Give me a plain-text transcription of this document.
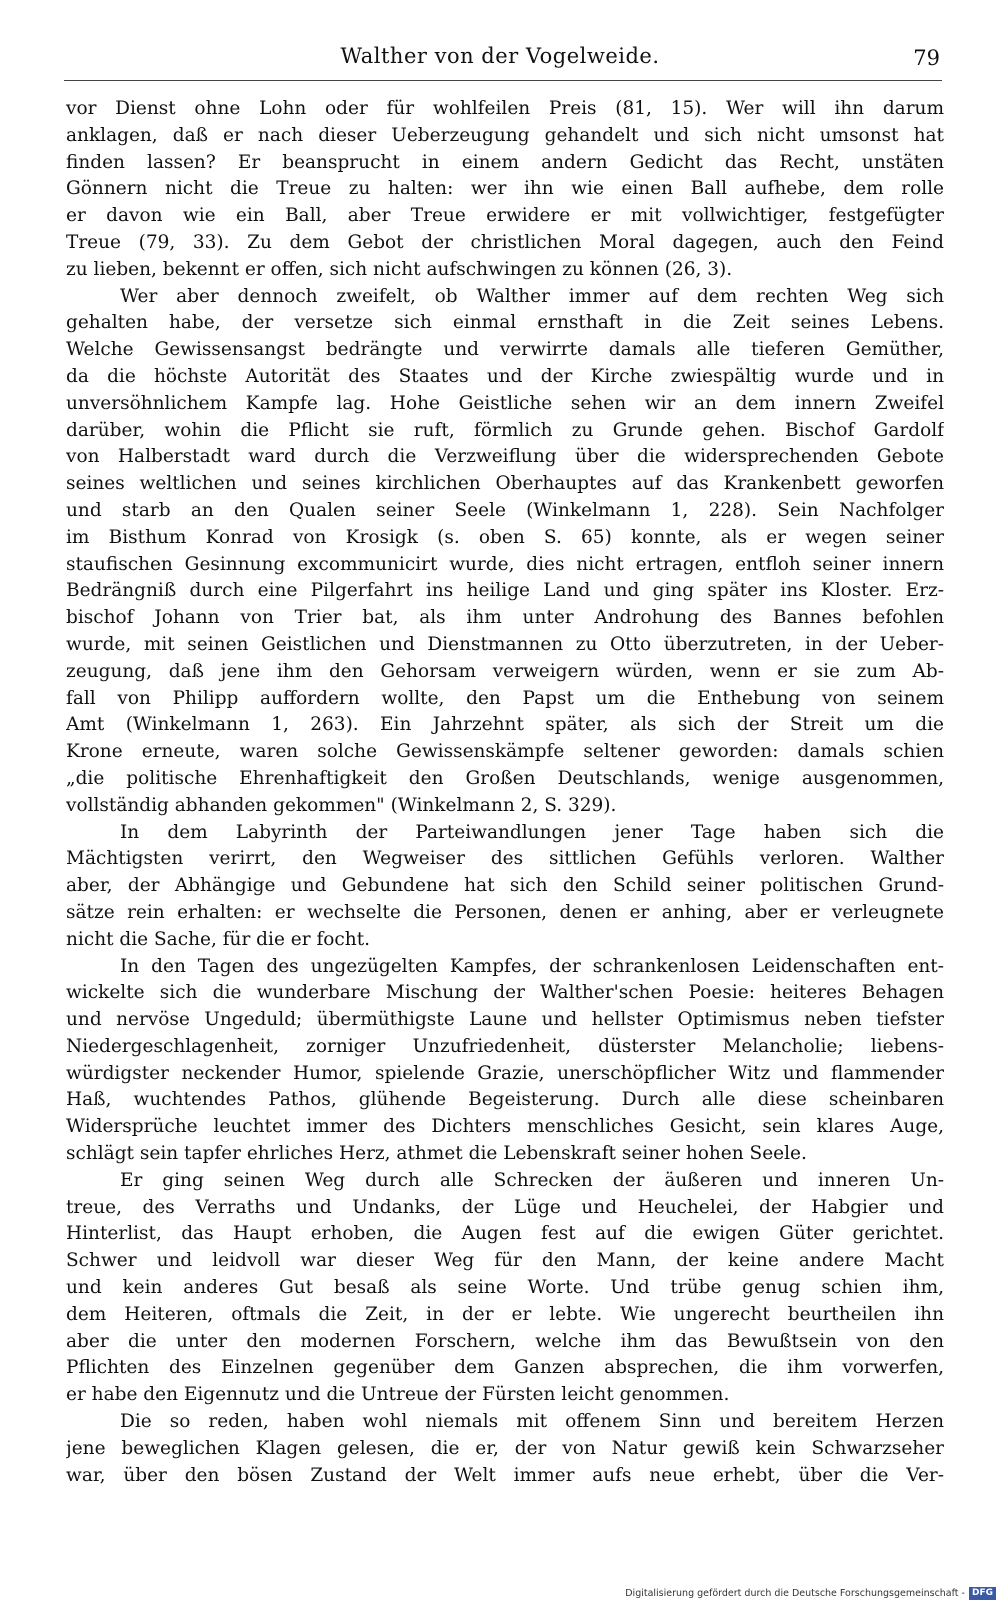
Walther von der Vogelweide.	79
vor Dienst ohne Lohn oder für wohlfeilen Preis (81, 15). Wer will ihn darum
anklagen, daß er nach dieser Ueberzeugung gehandelt und sich nicht umsonst hat
finden lassen? Er beansprucht in einem andern Gedicht das Recht, unstäten
Gönnern nicht die Treue zu halten: wer ihn wie einen Ball aufhebe, dem rolle
er davon wie ein Ball, aber Treue erwidere er mit vollwichtiger, festgefügter
Treue (79, 33). Zu dem Gebot der christlichen Moral dagegen, auch den Feind
zu lieben, bekennt er offen, sich nicht aufschwingen zu können (26, 3).
Wer aber dennoch zweifelt, ob Walther immer auf dem rechten Weg sich
gehalten habe, der versetze sich einmal ernsthaft in die Zeit seines Lebens.
Welche Gewissensangst bedrängte und verwirrte damals alle tieferen Gemüther,
da die höchste Autorität des Staates und der Kirche zwiespältig wurde und in
unversöhnlichem Kampfe lag. Hohe Geistliche sehen wir an dem innern Zweifel
darüber, wohin die Pflicht sie ruft, förmlich zu Grunde gehen. Bischof Gardolf
von Halberstadt ward durch die Verzweiflung über die widersprechenden Gebote
seines weltlichen und seines kirchlichen Oberhauptes auf das Krankenbett geworfen
und starb an den Qualen seiner Seele (Winkelmann 1, 228). Sein Nachfolger
im Bisthum Konrad von Krosigk (s. oben S. 65) konnte, als er wegen seiner
staufischen Gesinnung excommunicirt wurde, dies nicht ertragen, entfloh seiner innern
Bedrängniß durch eine Pilgerfahrt ins heilige Land und ging später ins Kloster. Erz-
bischof Johann von Trier bat, als ihm unter Androhung des Bannes befohlen
wurde, mit seinen Geistlichen und Dienstmannen zu Otto überzutreten, in der Ueber-
zeugung, daß jene ihm den Gehorsam verweigern würden, wenn er sie zum Ab-
fall von Philipp auffordern wollte, den Papst um die Enthebung von seinem
Amt (Winkelmann 1, 263). Ein Jahrzehnt später, als sich der Streit um die
Krone erneute, waren solche Gewissenskämpfe seltener geworden: damals schien
„die politische Ehrenhaftigkeit den Großen Deutschlands, wenige ausgenommen,
vollständig abhanden gekommen" (Winkelmann 2, S. 329).
In dem Labyrinth der Parteiwandlungen jener Tage haben sich die
Mächtigsten verirrt, den Wegweiser des sittlichen Gefühls verloren. Walther
aber, der Abhängige und Gebundene hat sich den Schild seiner politischen Grund-
sätze rein erhalten: er wechselte die Personen, denen er anhing, aber er verleugnete
nicht die Sache, für die er focht.
In den Tagen des ungezügelten Kampfes, der schrankenlosen Leidenschaften ent-
wickelte sich die wunderbare Mischung der Walther'schen Poesie: heiteres Behagen
und nervöse Ungeduld; übermüthigste Laune und hellster Optimismus neben tiefster
Niedergeschlagenheit, zorniger Unzufriedenheit, düsterster Melancholie; liebens-
würdigster neckender Humor, spielende Grazie, unerschöpflicher Witz und flammender
Haß, wuchtendes Pathos, glühende Begeisterung. Durch alle diese scheinbaren
Widersprüche leuchtet immer des Dichters menschliches Gesicht, sein klares Auge,
schlägt sein tapfer ehrliches Herz, athmet die Lebenskraft seiner hohen Seele.
Er ging seinen Weg durch alle Schrecken der äußeren und inneren Un-
treue, des Verraths und Undanks, der Lüge und Heuchelei, der Habgier und
Hinterlist, das Haupt erhoben, die Augen fest auf die ewigen Güter gerichtet.
Schwer und leidvoll war dieser Weg für den Mann, der keine andere Macht
und kein anderes Gut besaß als seine Worte. Und trübe genug schien ihm,
dem Heiteren, oftmals die Zeit, in der er lebte. Wie ungerecht beurtheilen ihn
aber die unter den modernen Forschern, welche ihm das Bewußtsein von den
Pflichten des Einzelnen gegenüber dem Ganzen absprechen, die ihm vorwerfen,
er habe den Eigennutz und die Untreue der Fürsten leicht genommen.
Die so reden, haben wohl niemals mit offenem Sinn und bereitem Herzen
jene beweglichen Klagen gelesen, die er, der von Natur gewiß kein Schwarzseher
war, über den bösen Zustand der Welt immer aufs neue erhebt, über die Ver-
Digitalisierung gefördert durch die Deutsche Forschungsgemeinschaft - DFG
